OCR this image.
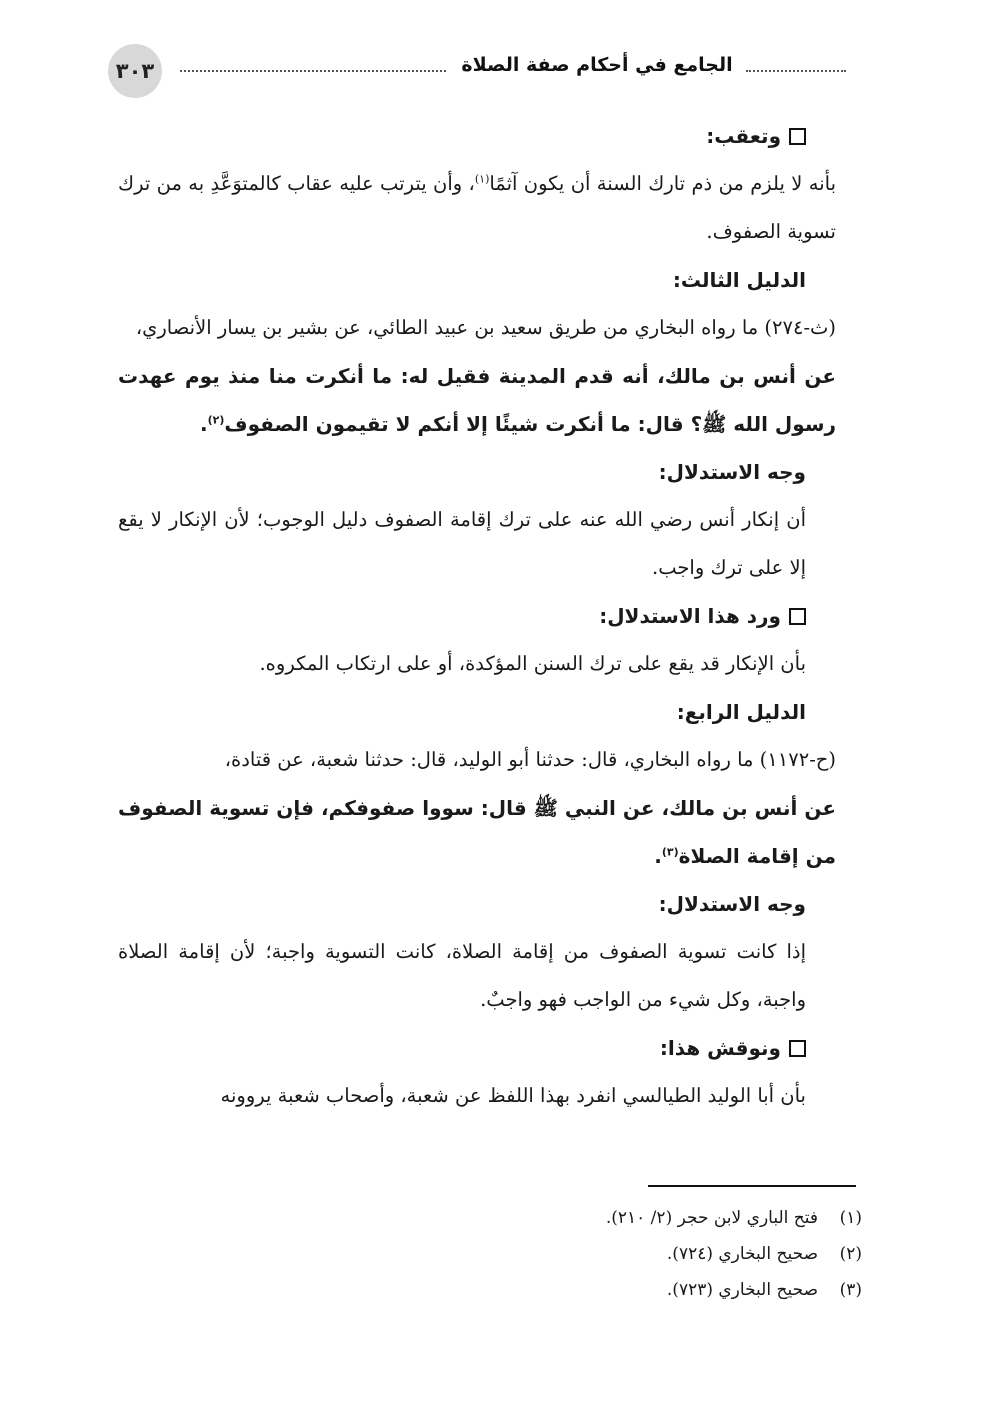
٣٠٣	الجامع في أحكام صفة الصلاة

وتعقب:

بأنه لا يلزم من ذم تارك السنة أن يكون آثمًا$^{(١)}$، وأن يترتب عليه عقاب كالمتوَعَّدِ به من ترك تسوية الصفوف.

الدليل الثالث:

(ث-٢٧٤) ما رواه البخاري من طريق سعيد بن عبيد الطائي، عن بشير بن يسار الأنصاري،

عن أنس بن مالك، أنه قدم المدينة فقيل له: ما أنكرت منا منذ يوم عهدت رسول الله ﷺ؟ قال: ما أنكرت شيئًا إلا أنكم لا تقيمون الصفوف$^{(٢)}$.

وجه الاستدلال:

أن إنكار أنس رضي الله عنه على ترك إقامة الصفوف دليل الوجوب؛ لأن الإنكار لا يقع إلا على ترك واجب.

ورد هذا الاستدلال:

بأن الإنكار قد يقع على ترك السنن المؤكدة، أو على ارتكاب المكروه.

الدليل الرابع:

(ح-١١٧٢) ما رواه البخاري، قال: حدثنا أبو الوليد، قال: حدثنا شعبة، عن قتادة،

عن أنس بن مالك، عن النبي ﷺ قال: سووا صفوفكم، فإن تسوية الصفوف من إقامة الصلاة$^{(٣)}$.

وجه الاستدلال:

إذا كانت تسوية الصفوف من إقامة الصلاة، كانت التسوية واجبة؛ لأن إقامة الصلاة واجبة، وكل شيء من الواجب فهو واجبٌ.

ونوقش هذا:

بأن أبا الوليد الطيالسي انفرد بهذا اللفظ عن شعبة، وأصحاب شعبة يروونه

(١)فتح الباري لابن حجر (٢/ ٢١٠).
(٢)صحيح البخاري (٧٢٤).
(٣)صحيح البخاري (٧٢٣).
